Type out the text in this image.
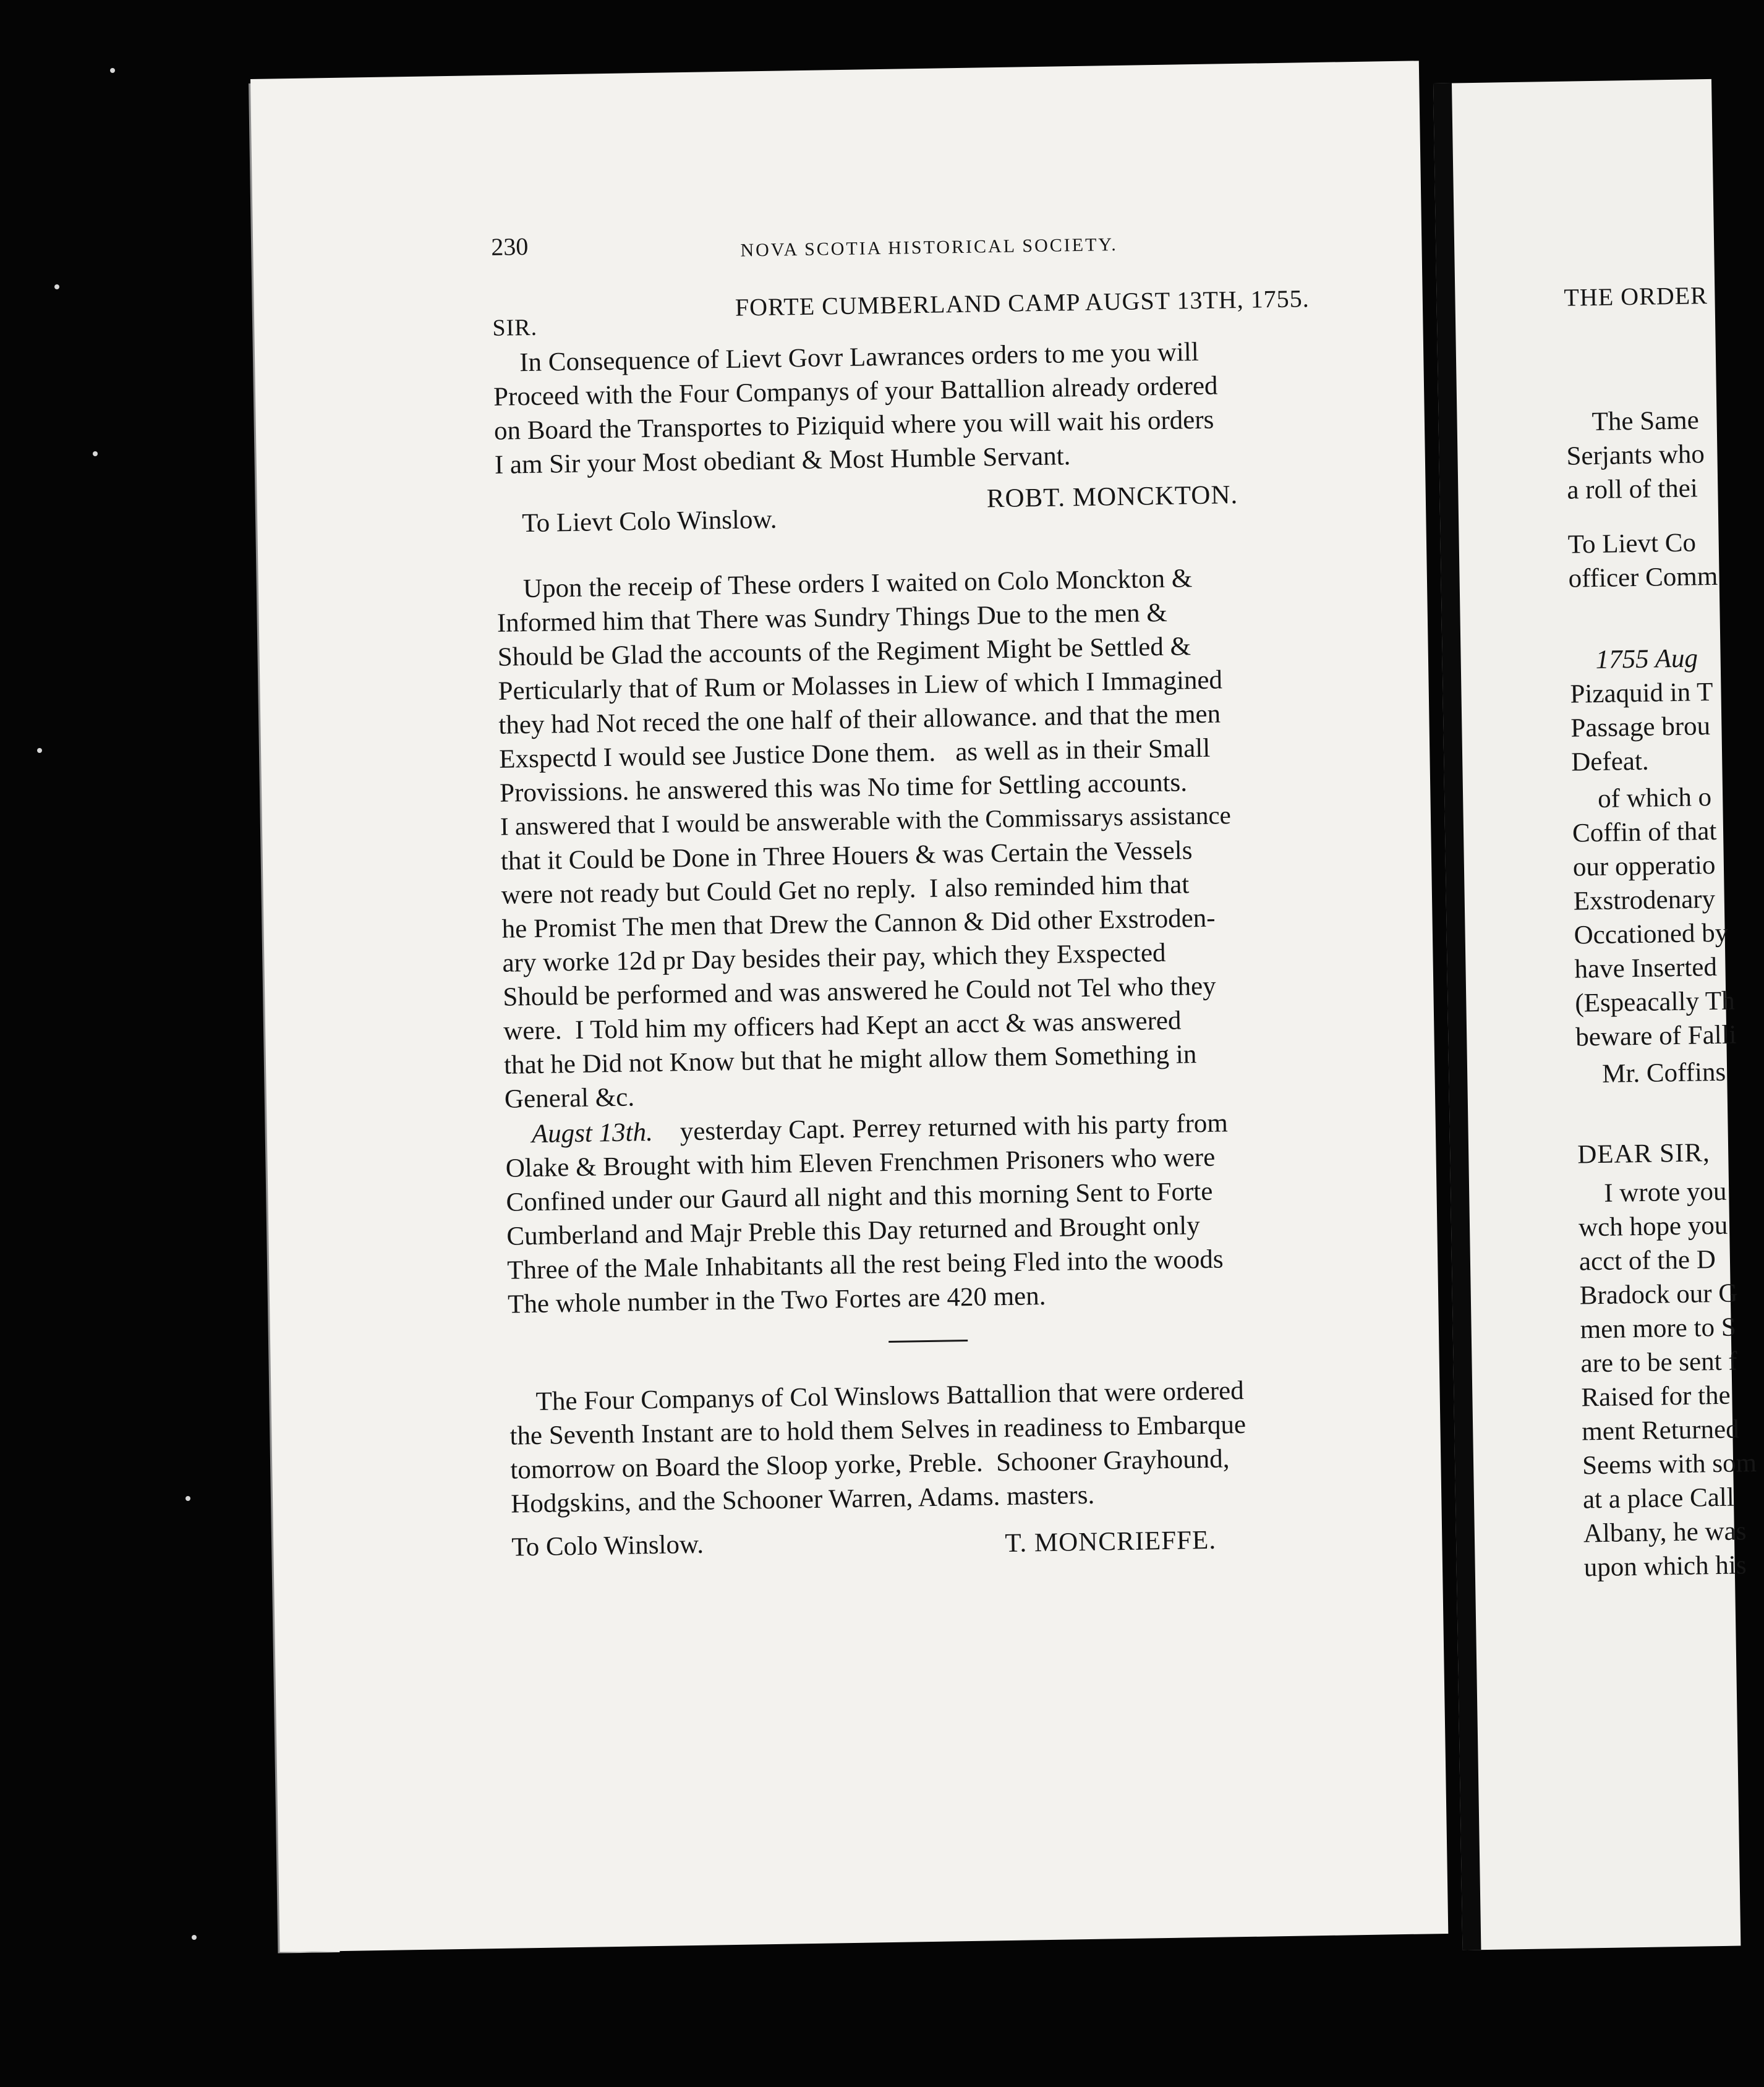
230	NOVA SCOTIA HISTORICAL SOCIETY.
FORTE CUMBERLAND CAMP AUGST 13TH, 1755.
SIR.
In Consequence of Lievt Govr Lawrances orders to me you will
Proceed with the Four Companys of your Battallion already ordered
on Board the Transportes to Piziquid where you will wait his orders
I am Sir your Most obediant & Most Humble Servant.
ROBT. MONCKTON.
To Lievt Colo Winslow.
Upon the receip of These orders I waited on Colo Monckton &
Informed him that There was Sundry Things Due to the men &
Should be Glad the accounts of the Regiment Might be Settled &
Perticularly that of Rum or Molasses in Liew of which I Immagined
they had Not reced the one half of their allowance. and that the men
Exspectd I would see Justice Done them.   as well as in their Small
Provissions. he answered this was No time for Settling accounts.
I answered that I would be answerable with the Commissarys assistance
that it Could be Done in Three Houers & was Certain the Vessels
were not ready but Could Get no reply.  I also reminded him that
he Promist The men that Drew the Cannon & Did other Exstroden-
ary worke 12d pr Day besides their pay, which they Exspected
Should be performed and was answered he Could not Tel who they
were.  I Told him my officers had Kept an acct & was answered
that he Did not Know but that he might allow them Something in
General &c.
Augst 13th. yesterday Capt. Perrey returned with his party from
Olake & Brought with him Eleven Frenchmen Prisoners who were
Confined under our Gaurd all night and this morning Sent to Forte
Cumberland and Majr Preble this Day returned and Brought only
Three of the Male Inhabitants all the rest being Fled into the woods
The whole number in the Two Fortes are 420 men.
The Four Companys of Col Winslows Battallion that were ordered
the Seventh Instant are to hold them Selves in readiness to Embarque
tomorrow on Board the Sloop yorke, Preble.  Schooner Grayhound,
Hodgskins, and the Schooner Warren, Adams. masters.
To Colo Winslow.	T. MONCRIEFFE.
THE ORDER
The Same
Serjants who
a roll of thei
To Lievt Co
officer Comm
1755 Aug
Pizaquid in T
Passage brou
Defeat.
of which o
Coffin of that
our opperatio
Exstrodenary
Occationed by
have Inserted
(Espeacally Th
beware of Falli
Mr. Coffins
DEAR SIR,
I wrote you
wch hope you
acct of the D
Bradock our G
men more to S
are to be sent f
Raised for the
ment Returned
Seems with som
at a place Call
Albany, he was
upon which his
